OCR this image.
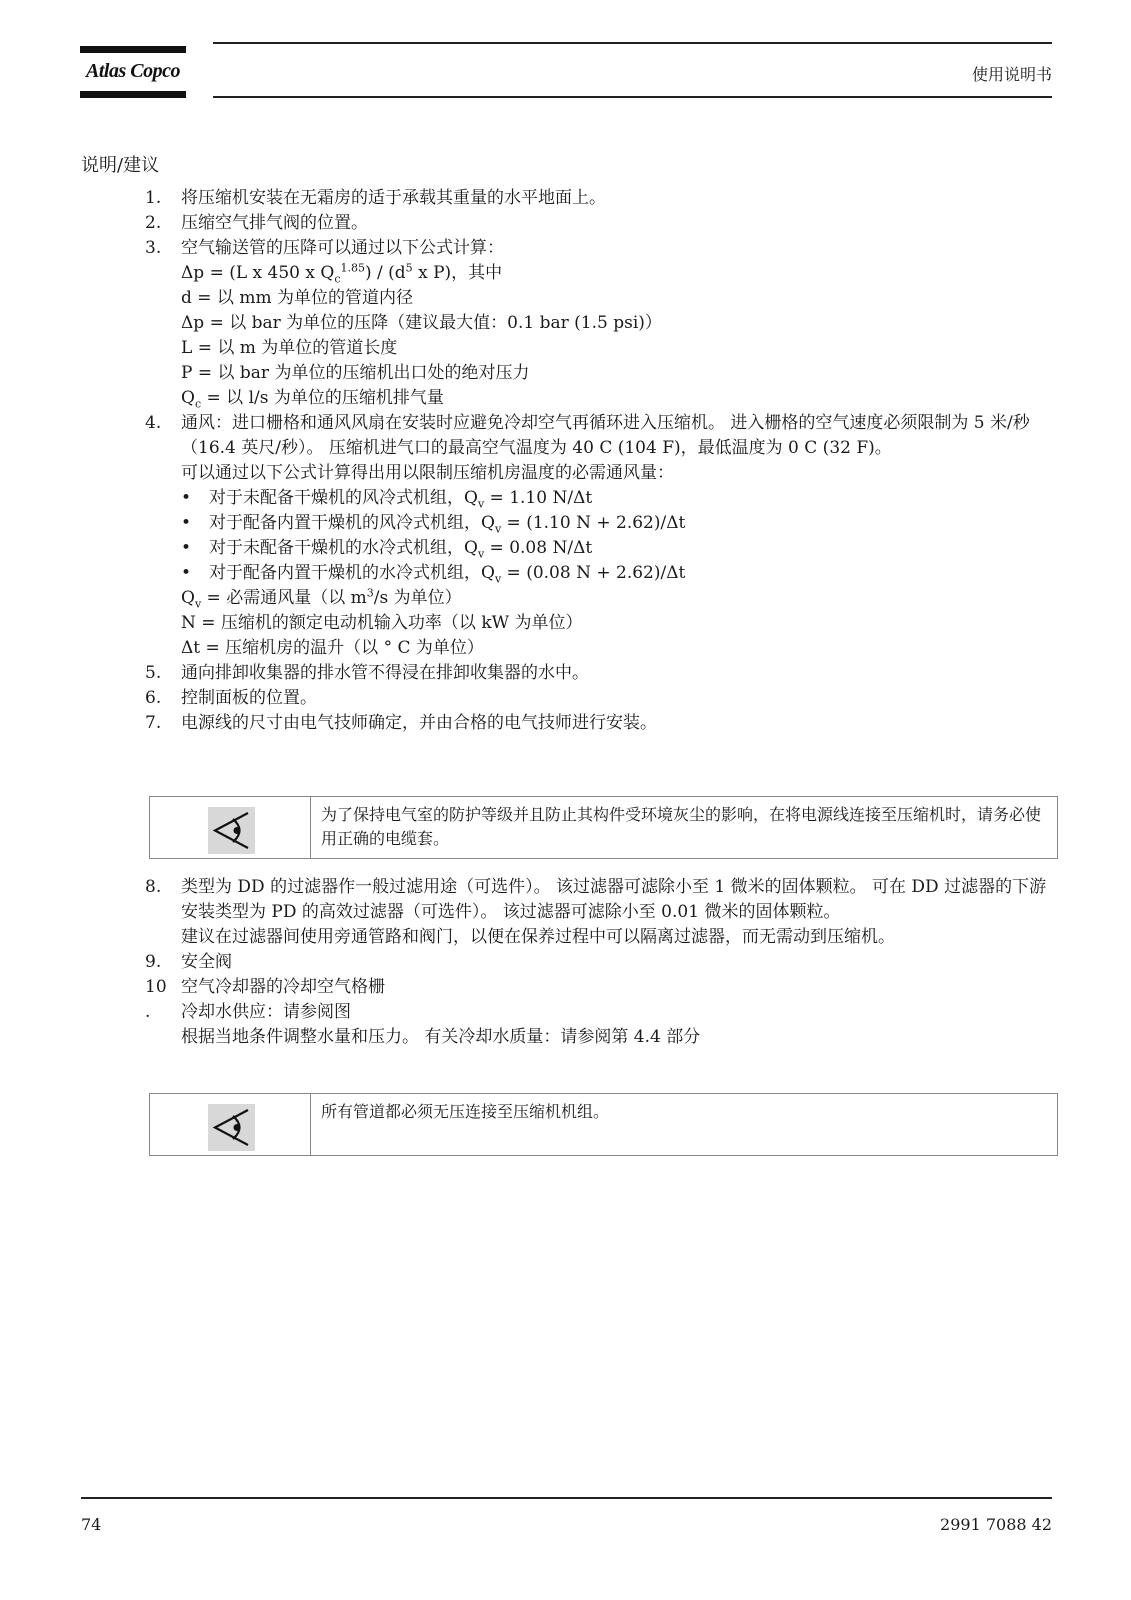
Atlas Copco	使用说明书
说明/建议
1.	将压缩机安装在无霜房的适于承载其重量的水平地面上。
2.	压缩空气排气阀的位置。
3.	空气输送管的压降可以通过以下公式计算：
Δp = (L x 450 x $Q_c^{1.85}) / (d^5$ x P)，其中
d = 以 mm 为单位的管道内径
Δp = 以 bar 为单位的压降（建议最大值：0.1 bar (1.5 psi)）
L = 以 m 为单位的管道长度
P = 以 bar 为单位的压缩机出口处的绝对压力
$Q_c$ = 以 l/s 为单位的压缩机排气量
4.	通风：进口栅格和通风风扇在安装时应避免冷却空气再循环进入压缩机。 进入栅格的空气速度必须限制为 5 米/秒（16.4 英尺/秒）。 压缩机进气口的最高空气温度为 40 C (104 F)，最低温度为 0 C (32 F)。
可以通过以下公式计算得出用以限制压缩机房温度的必需通风量：
• 对于未配备干燥机的风冷式机组，$Q_v = 1.10$ N/Δt
• 对于配备内置干燥机的风冷式机组，$Q_v = (1.10$ N + 2.62)/Δt
• 对于未配备干燥机的水冷式机组，$Q_v = 0.08$ N/Δt
• 对于配备内置干燥机的水冷式机组，$Q_v = (0.08$ N + 2.62)/Δt
$Q_v$ = 必需通风量（以 $m^3/s$ 为单位）
N = 压缩机的额定电动机输入功率（以 kW 为单位）
Δt = 压缩机房的温升（以 ° C 为单位）
5.	通向排卸收集器的排水管不得浸在排卸收集器的水中。
6.	控制面板的位置。
7.	电源线的尺寸由电气技师确定，并由合格的电气技师进行安装。
为了保持电气室的防护等级并且防止其构件受环境灰尘的影响，在将电源线连接至压缩机时，请务必使用正确的电缆套。
8.	类型为 DD 的过滤器作一般过滤用途（可选件）。 该过滤器可滤除小至 1 微米的固体颗粒。 可在 DD 过滤器的下游安装类型为 PD 的高效过滤器（可选件）。 该过滤器可滤除小至 0.01 微米的固体颗粒。
建议在过滤器间使用旁通管路和阀门，以便在保养过程中可以隔离过滤器，而无需动到压缩机。
9.	安全阀
10
.
空气冷却器的冷却空气格栅
冷却水供应：请参阅图
根据当地条件调整水量和压力。 有关冷却水质量：请参阅第 4.4 部分
所有管道都必须无压连接至压缩机机组。
74	2991 7088 42
